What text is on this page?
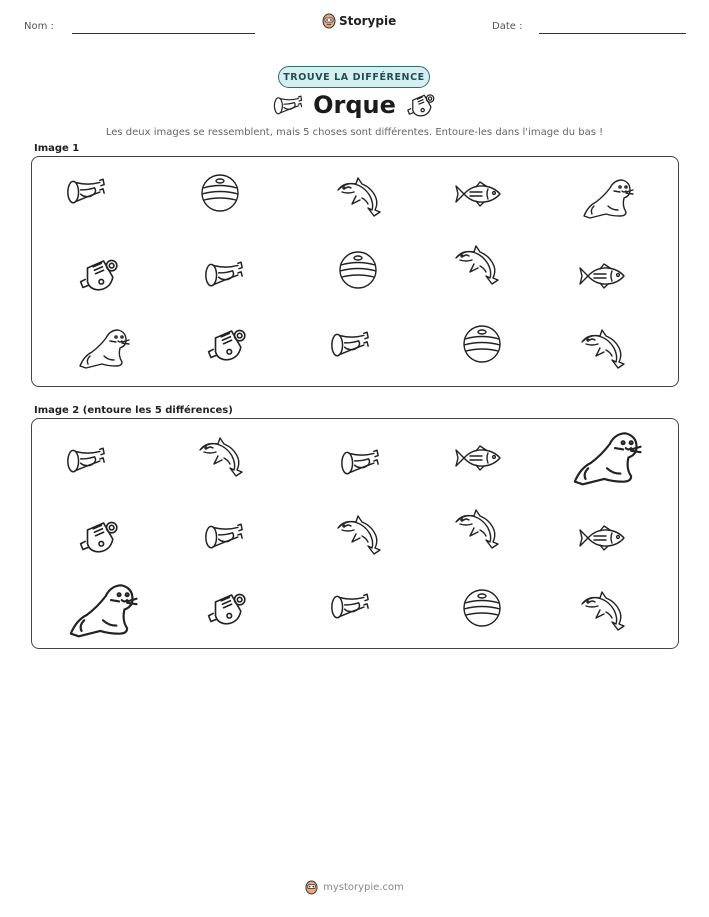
Nom :	Storypie	Date :
TROUVE LA DIFFÉRENCE
Orque
Les deux images se ressemblent, mais 5 choses sont différentes. Entoure-les dans l'image du bas !
Image 1
Image 2 (entoure les 5 différences)
mystorypie.com
